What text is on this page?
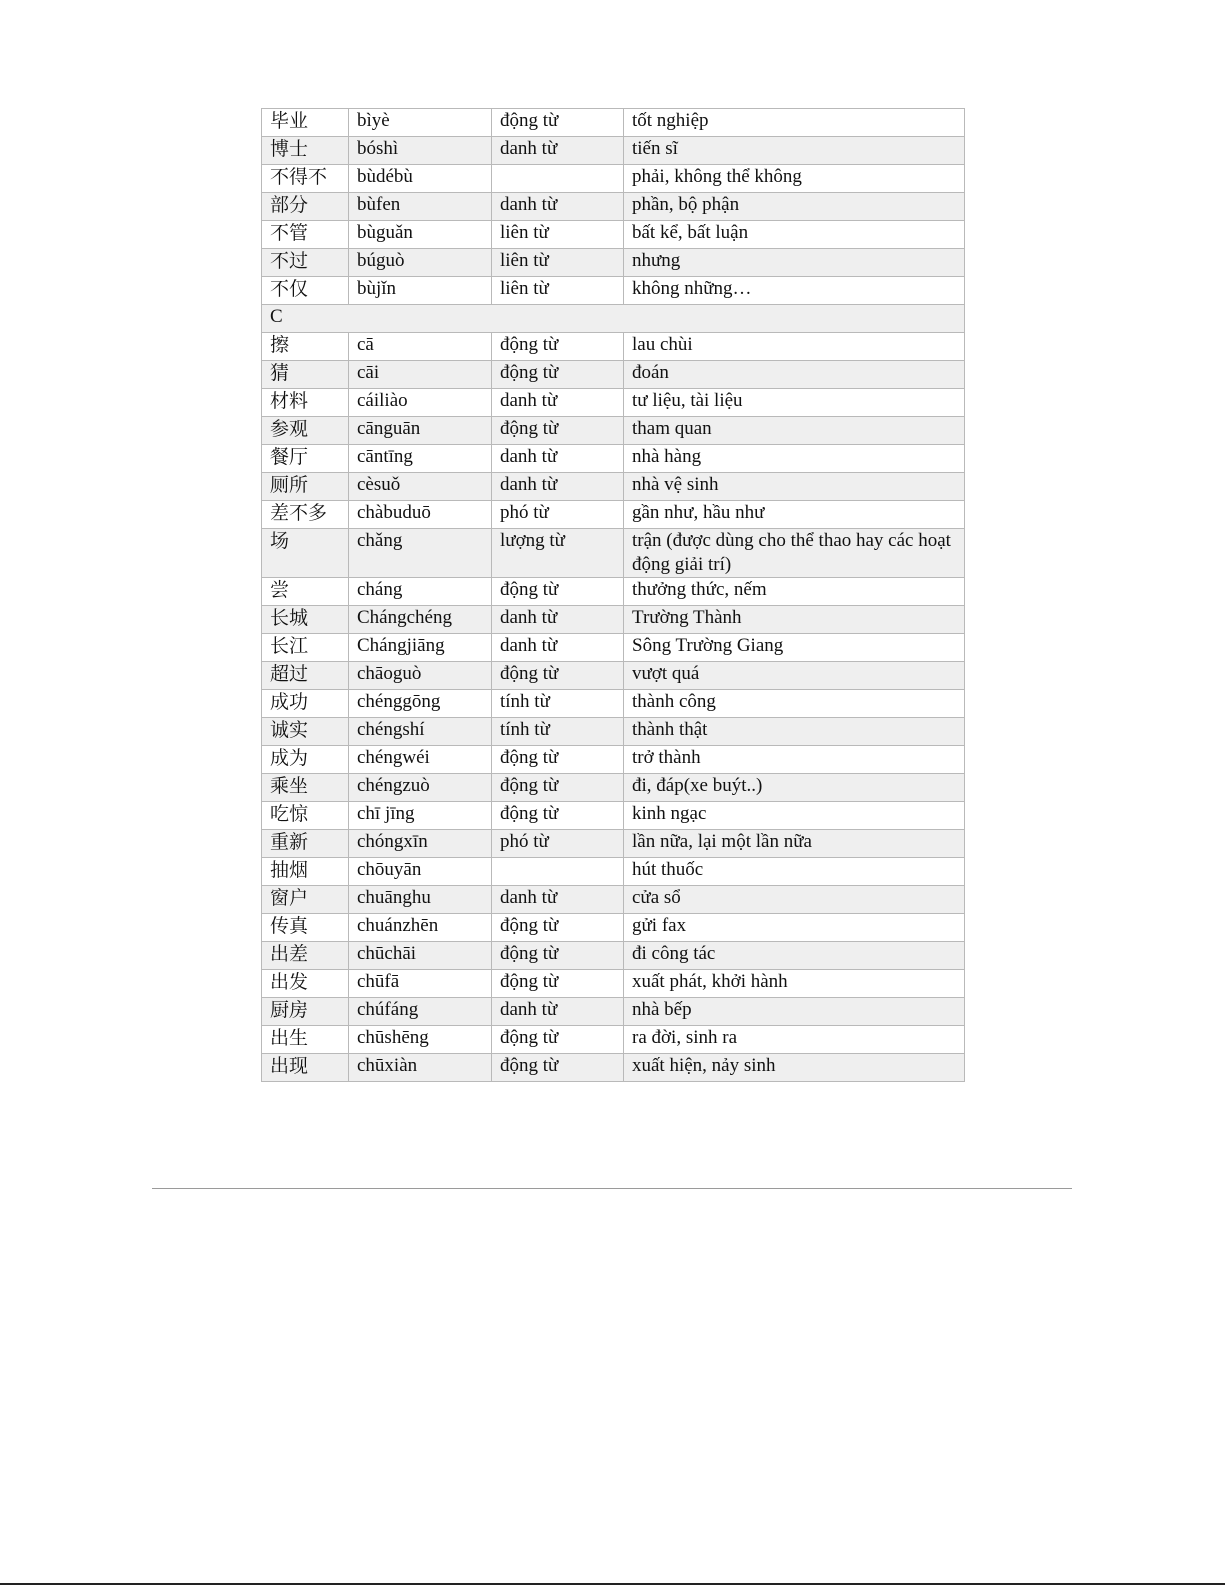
毕业	bìyè	động từ	tốt nghiệp
博士	bóshì	danh từ	tiến sĩ
不得不	bùdébù		phải, không thể không
部分	bùfen	danh từ	phần, bộ phận
不管	bùguǎn	liên từ	bất kể, bất luận
不过	búguò	liên từ	nhưng
不仅	bùjǐn	liên từ	không những…
C			
擦	cā	động từ	lau chùi
猜	cāi	động từ	đoán
材料	cáiliào	danh từ	tư liệu, tài liệu
参观	cānguān	động từ	tham quan
餐厅	cāntīng	danh từ	nhà hàng
厕所	cèsuǒ	danh từ	nhà vệ sinh
差不多	chàbuduō	phó từ	gần như, hầu như
场	chǎng	lượng từ	trận (được dùng cho thể thao hay các hoạt động giải trí)
尝	cháng	động từ	thưởng thức, nếm
长城	Chángchéng	danh từ	Trường Thành
长江	Chángjiāng	danh từ	Sông Trường Giang
超过	chāoguò	động từ	vượt quá
成功	chénggōng	tính từ	thành công
诚实	chéngshí	tính từ	thành thật
成为	chéngwéi	động từ	trở thành
乘坐	chéngzuò	động từ	đi, đáp(xe buýt..)
吃惊	chī jīng	động từ	kinh ngạc
重新	chóngxīn	phó từ	lần nữa, lại một lần nữa
抽烟	chōuyān		hút thuốc
窗户	chuānghu	danh từ	cửa sổ
传真	chuánzhēn	động từ	gửi fax
出差	chūchāi	động từ	đi công tác
出发	chūfā	động từ	xuất phát, khởi hành
厨房	chúfáng	danh từ	nhà bếp
出生	chūshēng	động từ	ra đời, sinh ra
出现	chūxiàn	động từ	xuất hiện, nảy sinh
